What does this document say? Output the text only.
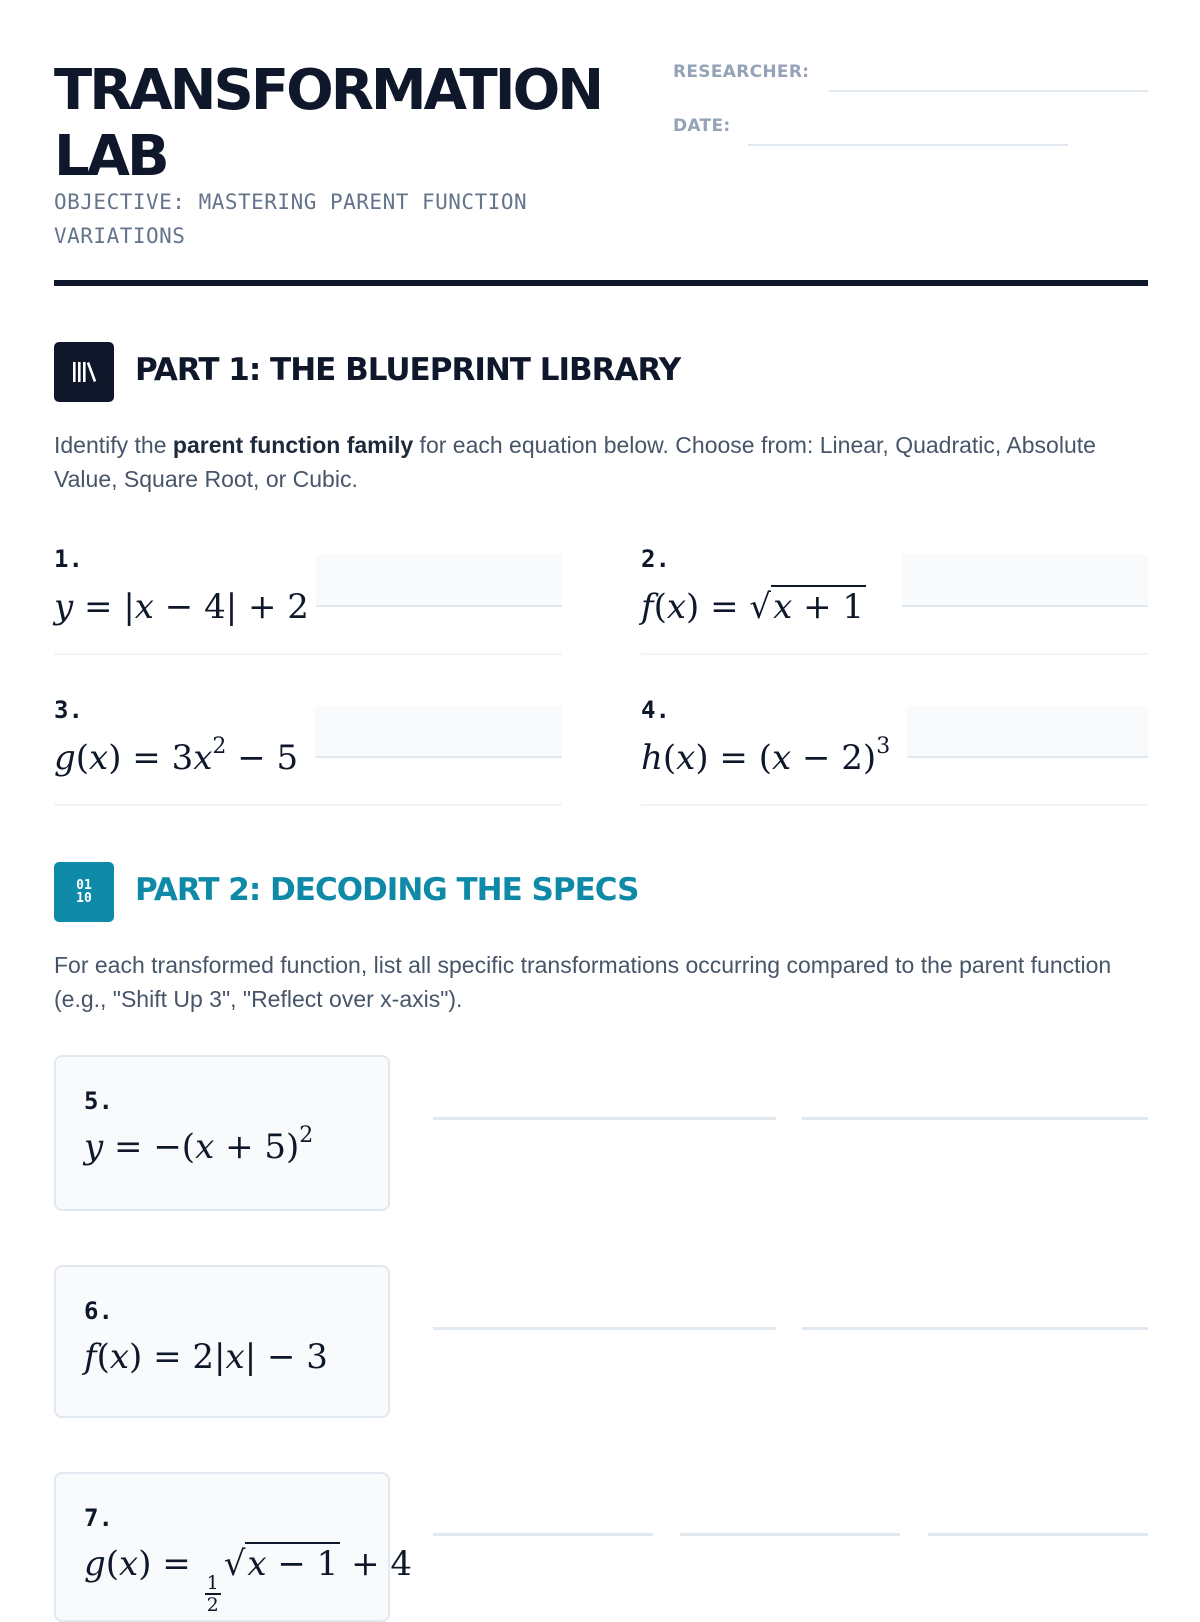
TRANSFORMATION
LAB
OBJECTIVE: MASTERING PARENT FUNCTION
VARIATIONS
RESEARCHER:
DATE:
PART 1: THE BLUEPRINT LIBRARY
Identify the parent function family for each equation below. Choose from: Linear, Quadratic, Absolute Value, Square Root, or Cubic.
1.
y = |x − 4| + 2
2.
f(x) = √x + 1
3.
$g(x) = 3x^2 - 5$
4.
$h(x) = (x - 2)^3$
01
10 PART 2: DECODING THE SPECS
For each transformed function, list all specific transformations occurring compared to the parent function (e.g., "Shift Up 3", "Reflect over x-axis").
5.
$y = -(x + 5)^2$
6.
f(x) = 2|x| − 3
7.
g(x) =
$\frac{1}{2}$
√x − 1 + 4
